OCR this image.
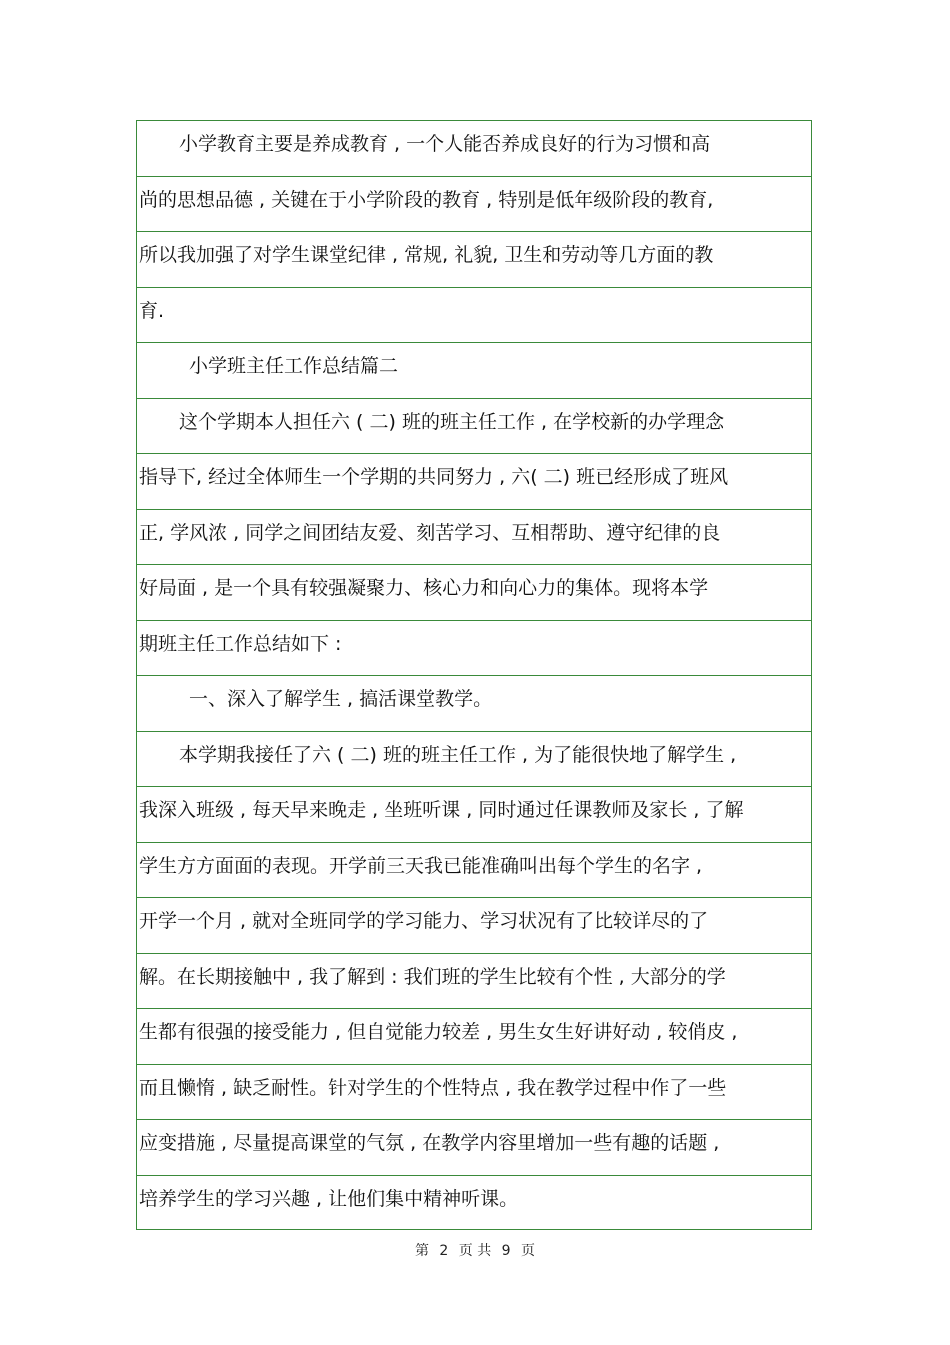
小学教育主要是养成教育 , 一个人能否养成良好的行为习惯和高
尚的思想品德 , 关键在于小学阶段的教育 , 特别是低年级阶段的教育,
所以我加强了对学生课堂纪律 , 常规, 礼貌, 卫生和劳动等几方面的教
育.
小学班主任工作总结篇二
这个学期本人担任六 ( 二) 班的班主任工作 , 在学校新的办学理念
指导下, 经过全体师生一个学期的共同努力 , 六( 二) 班已经形成了班风
正, 学风浓 , 同学之间团结友爱、刻苦学习、互相帮助、遵守纪律的良
好局面 , 是一个具有较强凝聚力、核心力和向心力的集体。现将本学
期班主任工作总结如下 :
一、深入了解学生 , 搞活课堂教学。
本学期我接任了六 ( 二) 班的班主任工作 , 为了能很快地了解学生 ,
我深入班级 , 每天早来晚走 , 坐班听课 , 同时通过任课教师及家长 , 了解
学生方方面面的表现。开学前三天我已能准确叫出每个学生的名字 ,
开学一个月 , 就对全班同学的学习能力、学习状况有了比较详尽的了
解。在长期接触中 , 我了解到 : 我们班的学生比较有个性 , 大部分的学
生都有很强的接受能力 , 但自觉能力较差 , 男生女生好讲好动 , 较俏皮 ,
而且懒惰 , 缺乏耐性。针对学生的个性特点 , 我在教学过程中作了一些
应变措施 , 尽量提高课堂的气氛 , 在教学内容里增加一些有趣的话题 ,
培养学生的学习兴趣 , 让他们集中精神听课。
第 2 页 共 9 页
